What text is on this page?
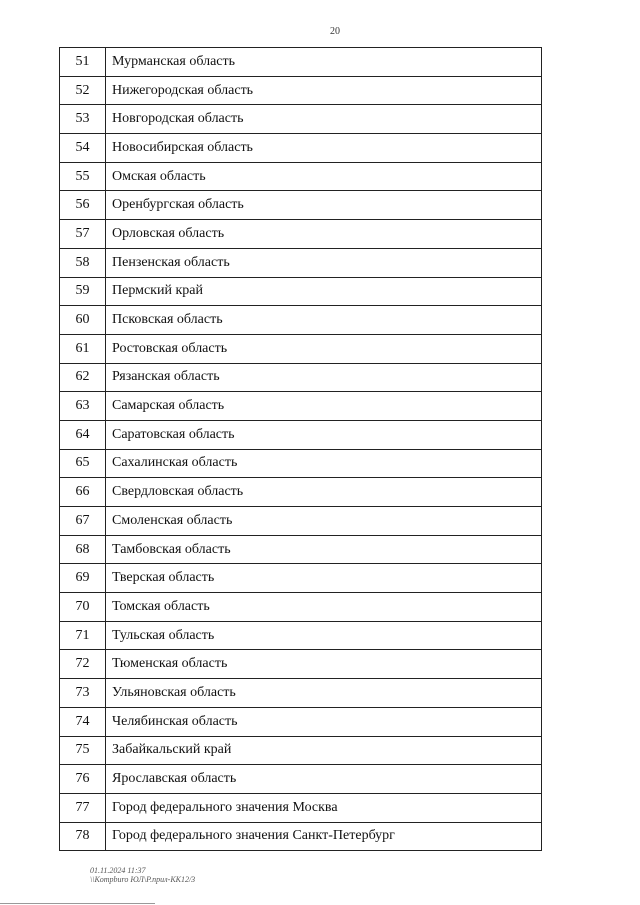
20
51	Мурманская область
52	Нижегородская область
53	Новгородская область
54	Новосибирская область
55	Омская область
56	Оренбургская область
57	Орловская область
58	Пензенская область
59	Пермский край
60	Псковская область
61	Ростовская область
62	Рязанская область
63	Самарская область
64	Саратовская область
65	Сахалинская область
66	Свердловская область
67	Смоленская область
68	Тамбовская область
69	Тверская область
70	Томская область
71	Тульская область
72	Тюменская область
73	Ульяновская область
74	Челябинская область
75	Забайкальский край
76	Ярославская область
77	Город федерального значения Москва
78	Город федерального значения Санкт-Петербург
01.11.2024 11:37
\\Kompburo ЮЛ\Р.прил-КК12/3
